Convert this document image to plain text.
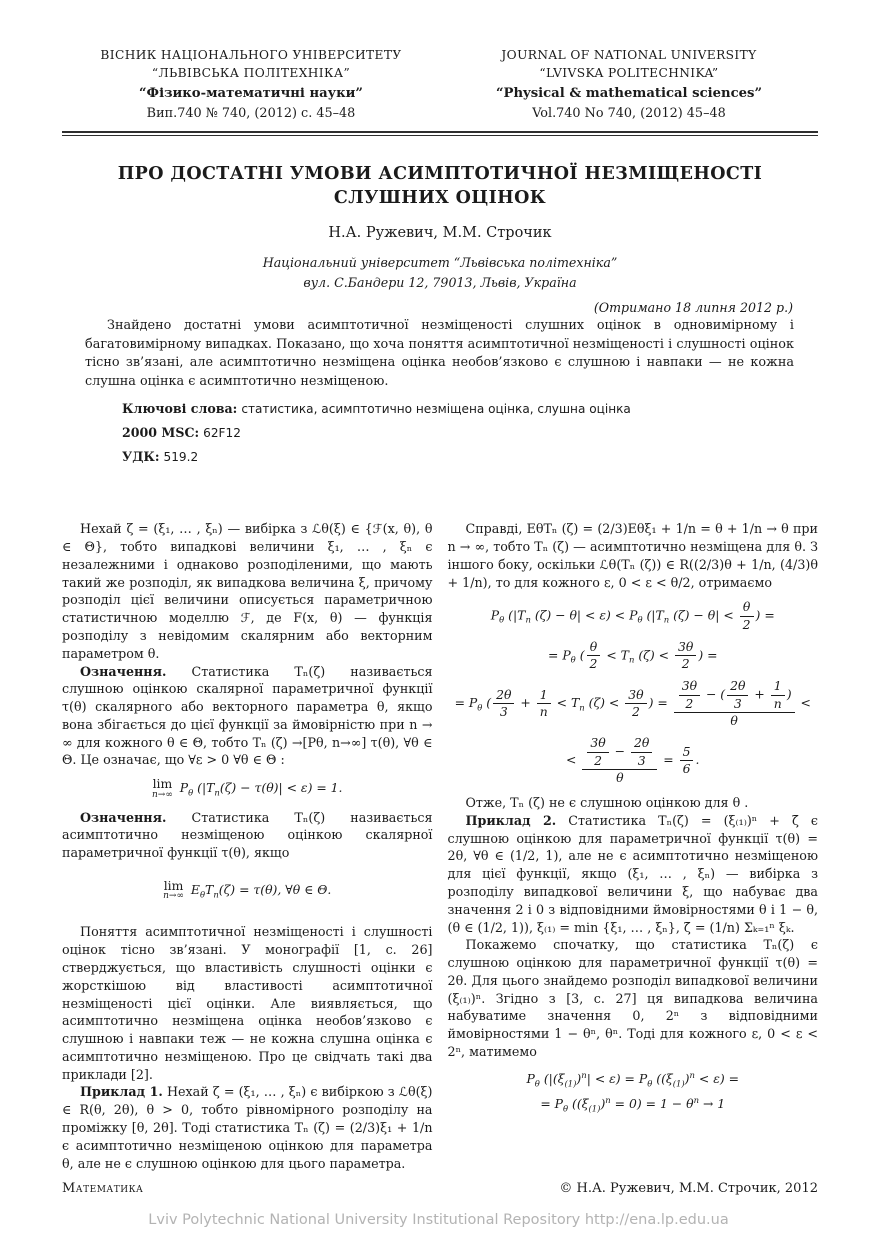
ВІСНИК НАЦІОНАЛЬНОГО УНІВЕРСИТЕТУ
“ЛЬВІВСЬКА ПОЛІТЕХНІКА”
“Фізико-математичні науки”
Вип.740 № 740, (2012) с. 45–48
JOURNAL OF NATIONAL UNIVERSITY
“LVIVSKA POLITECHNIKA”
“Physical & mathematical sciences”
Vol.740 No 740, (2012) 45–48
ПРО ДОСТАТНІ УМОВИ АСИМПТОТИЧНОЇ НЕЗМІЩЕНОСТІ
СЛУШНИХ ОЦІНОК
Н.А. Ружевич, М.М. Строчик
Національний університет “Львівська політехніка”
вул. С.Бандери 12, 79013, Львів, Україна
(Отримано 18 липня 2012 р.)
Знайдено достатні умови асимптотичної незміщеності слушних оцінок в одновимірному і багатовимірному випадках. Показано, що хоча поняття асимптотичної незміщеності і слушності оцінок тісно зв’язані, але асимптотично незміщена оцінка необов’язково є слушною і навпаки — не кожна слушна оцінка є асимптотично незміщеною.
Ключові слова: статистика, асимптотично незміщена оцінка, слушна оцінка
2000 MSC: 62F12
УДК: 519.2

Нехай ζ = (ξ₁, … , ξₙ) — вибірка з ℒθ(ξ) ∈ {ℱ(x, θ), θ ∈ Θ}, тобто випадкові величини ξ₁, … , ξₙ є незалежними і однаково розподіленими, що мають такий же розподіл, як випадкова величина ξ, причому розподіл цієї величини описується параметричною статистичною моделлю ℱ, де F(x, θ) — функція розподілу з невідомим скалярним або векторним параметром θ.

Означення. Статистика Tₙ(ζ) називається слушною оцінкою скалярної параметричної функції τ(θ) скалярного або векторного параметра θ, якщо вона збігається до цієї функції за ймовірністю при n → ∞ для кожного θ ∈ Θ, тобто Tₙ (ζ) →[Pθ, n→∞] τ(θ), ∀θ ∈ Θ. Це означає, що ∀ε > 0 ∀θ ∈ Θ :

lim
n→∞ $P_\theta$ $(|T_n(\zeta) - \tau(\theta)| < \varepsilon) = 1$.

Означення. Статистика Tₙ(ζ) називається асимптотично незміщеною оцінкою скалярної параметричної функції τ(θ), якщо

lim
n→∞ $E_\theta T_n(\zeta) = \tau(\theta)$, ∀θ ∈ Θ.

Поняття асимптотичної незміщеності і слушності оцінок тісно зв’язані. У монографії [1, с. 26] стверджується, що властивість слушності оцінки є жорсткішою від властивості асимптотичної незміщеності цієї оцінки. Але виявляється, що асимптотично незміщена оцінка необов’язково є слушною і навпаки теж — не кожна слушна оцінка є асимптотично незміщеною. Про це свідчать такі два приклади [2].

Приклад 1. Нехай ζ = (ξ₁, … , ξₙ) є вибіркою з ℒθ(ξ) ∈ R(θ, 2θ), θ > 0, тобто рівномірного розподілу на проміжку [θ, 2θ]. Тоді статистика Tₙ (ζ) = (2/3)ξ₁ + 1/n є асимптотично незміщеною оцінкою для параметра θ, але не є слушною оцінкою для цього параметра.

Справді, EθTₙ (ζ) = (2/3)Eθξ₁ + 1/n = θ + 1/n → θ при n → ∞, тобто Tₙ (ζ) — асимптотично незміщена для θ. З іншого боку, оскільки ℒθ(Tₙ (ζ)) ∈ R((2/3)θ + 1/n, (4/3)θ + 1/n), то для кожного ε, 0 < ε < θ/2, отримаємо

$P_\theta$ ($|T_n$ $(\zeta) - \theta| < \varepsilon) < P_\theta$ ($|T_n$ $(\zeta) - \theta| < \frac{\theta}{2}$ ) =
= $P_\theta$ ( $\frac{\theta}{2} < T_n$ $(\zeta) < \frac{3\theta}{2}$ ) =
= $P_\theta$ ( $\frac{2\theta}{3} + \frac{1}{n} < T_n$ $(\zeta) < \frac{3\theta}{2}$ ) = $\frac{\frac{3\theta}{2} - ( \frac{2\theta}{3} + \frac{1}{n} )}{\theta}$ <
< $\frac{\frac{3\theta}{2} - \frac{2\theta}{3}}{\theta} = \frac{5}{6}$ .

Отже, Tₙ (ζ) не є слушною оцінкою для θ .

Приклад 2. Статистика Tₙ(ζ) = (ξ₍₁₎)ⁿ + ζ̄ є слушною оцінкою для параметричної функції τ(θ) = 2θ, ∀θ ∈ (1/2, 1), але не є асимптотично незміщеною для цієї функції, якщо (ξ₁, … , ξₙ) — вибірка з розподілу випадкової величини ξ, що набуває два значення 2 і 0 з відповідними ймовірностями θ і 1 − θ, (θ ∈ (1/2, 1)), ξ₍₁₎ = min {ξ₁, … , ξₙ}, ζ̄ = (1/n) Σₖ₌₁ⁿ ξₖ.

Покажемо спочатку, що статистика Tₙ(ζ) є слушною оцінкою для параметричної функції τ(θ) = 2θ. Для цього знайдемо розподіл випадкової величини (ξ₍₁₎)ⁿ. Згідно з [3, с. 27] ця випадкова величина набуватиме значення 0, 2ⁿ з відповідними ймовірностями 1 − θⁿ, θⁿ. Тоді для кожного ε, 0 < ε < 2ⁿ, матимемо

$P_\theta$ $(|(\xi_{(1)})^n| < \varepsilon) = P_\theta$ $((\xi_{(1)})^n < \varepsilon)$ =
= $P_\theta$ $((\xi_{(1)})^n = 0) = 1 - \theta^n \to 1$
Математика	© Н.А. Ружевич, М.М. Строчик, 2012
Lviv Polytechnic National University Institutional Repository http://ena.lp.edu.ua
